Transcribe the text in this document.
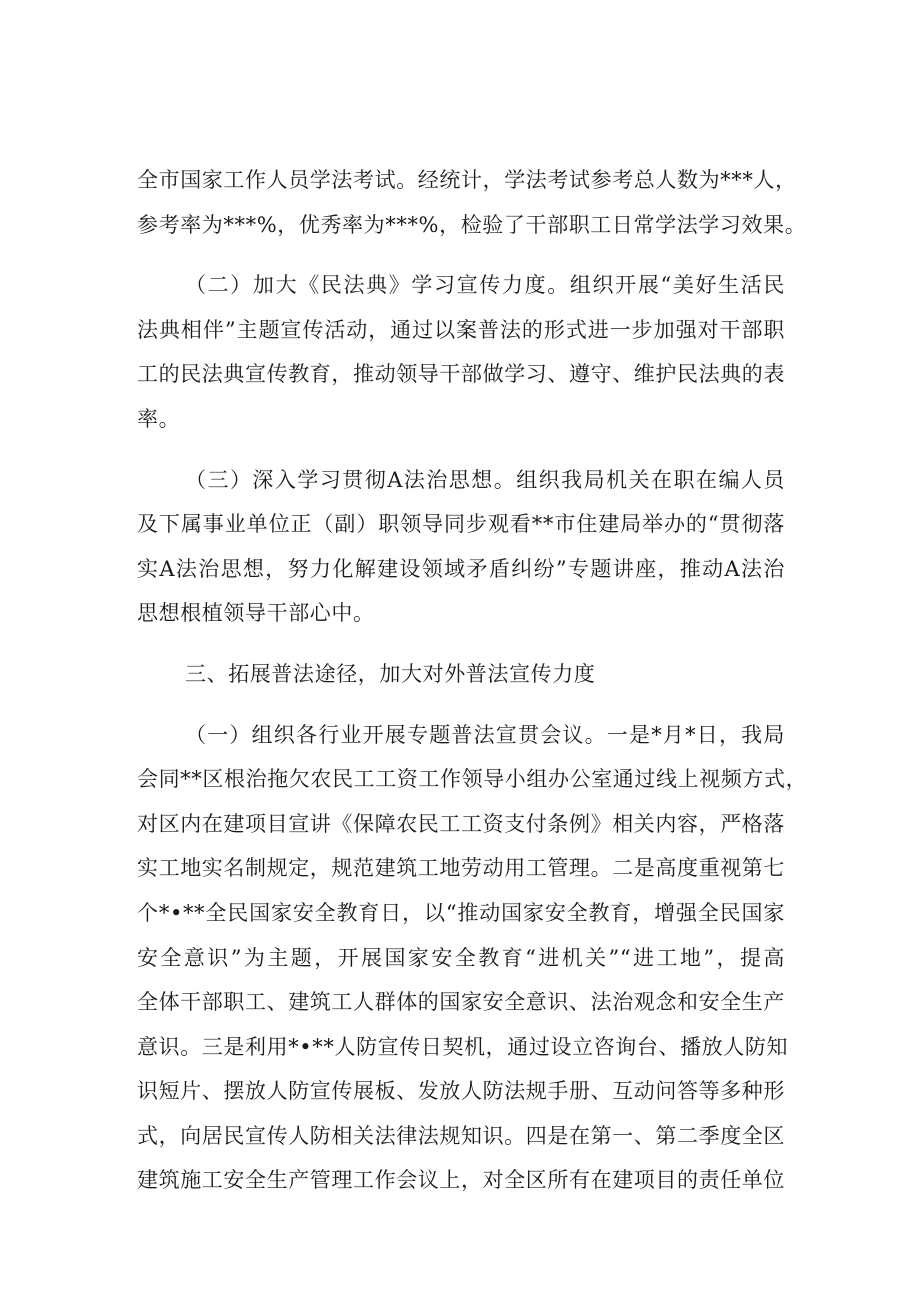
全市国家工作人员学法考试。经统计，学法考试参考总人数为***人，
参考率为***%，优秀率为***%，检验了干部职工日常学法学习效果。
（二）加大《民法典》学习宣传力度。组织开展“美好生活民
法典相伴”主题宣传活动，通过以案普法的形式进一步加强对干部职
工的民法典宣传教育，推动领导干部做学习、遵守、维护民法典的表
率。
（三）深入学习贯彻A法治思想。组织我局机关在职在编人员
及下属事业单位正（副）职领导同步观看**市住建局举办的“贯彻落
实A法治思想，努力化解建设领域矛盾纠纷”专题讲座，推动A法治
思想根植领导干部心中。
三、拓展普法途径，加大对外普法宣传力度
（一）组织各行业开展专题普法宣贯会议。一是*月*日，我局
会同**区根治拖欠农民工工资工作领导小组办公室通过线上视频方式，
对区内在建项目宣讲《保障农民工工资支付条例》相关内容，严格落
实工地实名制规定，规范建筑工地劳动用工管理。二是高度重视第七
个*•**全民国家安全教育日，以“推动国家安全教育，增强全民国家
安全意识”为主题，开展国家安全教育“进机关”“进工地”，提高
全体干部职工、建筑工人群体的国家安全意识、法治观念和安全生产
意识。三是利用*•**人防宣传日契机，通过设立咨询台、播放人防知
识短片、摆放人防宣传展板、发放人防法规手册、互动问答等多种形
式，向居民宣传人防相关法律法规知识。四是在第一、第二季度全区
建筑施工安全生产管理工作会议上，对全区所有在建项目的责任单位
